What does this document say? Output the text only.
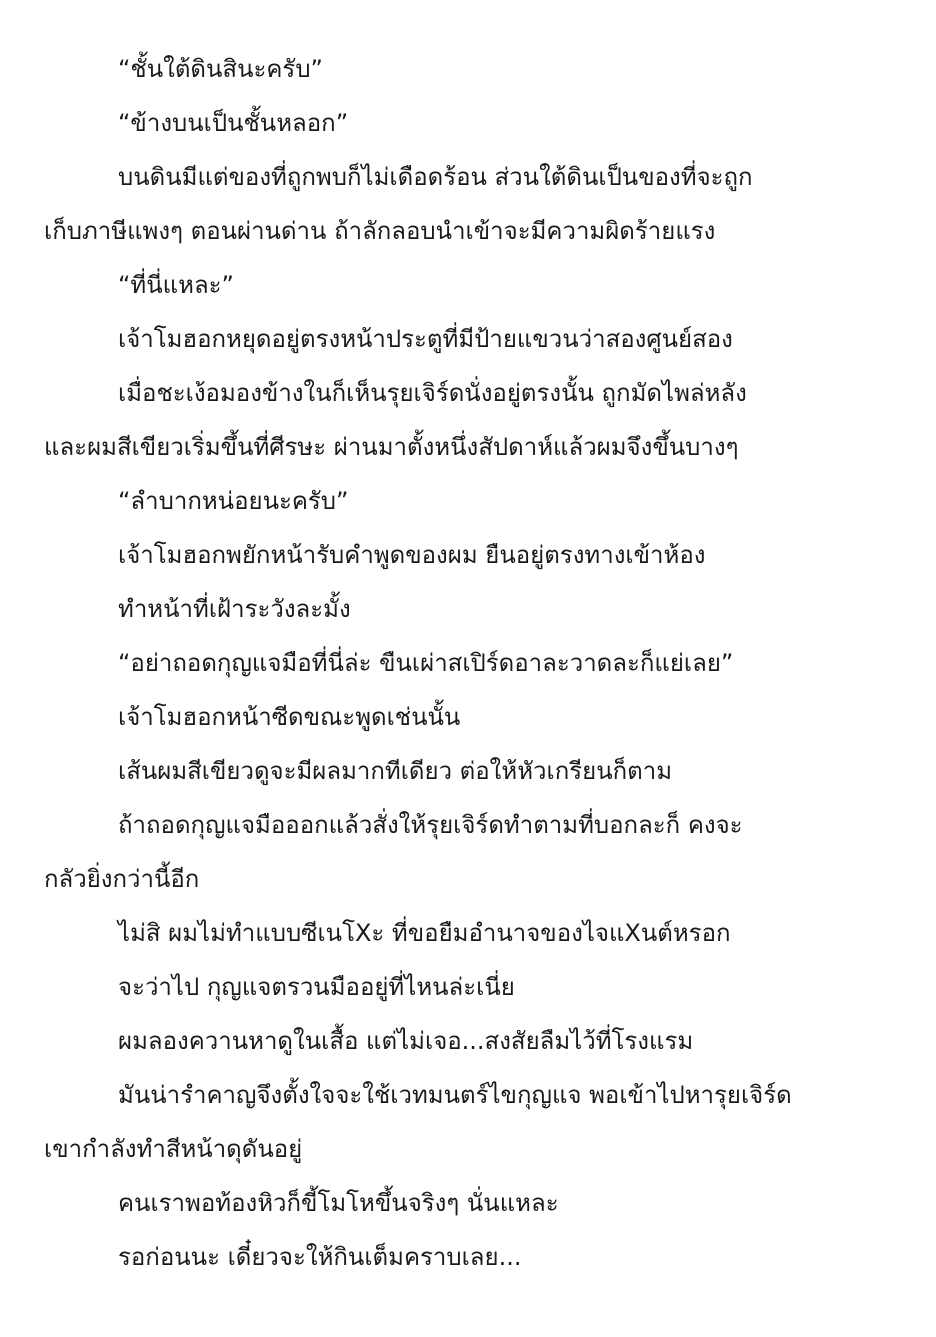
“ชั้นใต้ดินสินะครับ”
“ข้างบนเป็นชั้นหลอก”
บนดินมีแต่ของที่ถูกพบก็ไม่เดือดร้อน ส่วนใต้ดินเป็นของที่จะถูก
เก็บภาษีแพงๆ ตอนผ่านด่าน ถ้าลักลอบนำเข้าจะมีความผิดร้ายแรง
“ที่นี่แหละ”
เจ้าโมฮอกหยุดอยู่ตรงหน้าประตูที่มีป้ายแขวนว่าสองศูนย์สอง
เมื่อชะเง้อมองข้างในก็เห็นรุยเจิร์ดนั่งอยู่ตรงนั้น ถูกมัดไพล่หลัง
และผมสีเขียวเริ่มขึ้นที่ศีรษะ ผ่านมาตั้งหนึ่งสัปดาห์แล้วผมจึงขึ้นบางๆ
“ลำบากหน่อยนะครับ”
เจ้าโมฮอกพยักหน้ารับคำพูดของผม ยืนอยู่ตรงทางเข้าห้อง
ทำหน้าที่เฝ้าระวังละมั้ง
“อย่าถอดกุญแจมือที่นี่ล่ะ ขืนเผ่าสเปิร์ดอาละวาดละก็แย่เลย”
เจ้าโมฮอกหน้าซีดขณะพูดเช่นนั้น
เส้นผมสีเขียวดูจะมีผลมากทีเดียว ต่อให้หัวเกรียนก็ตาม
ถ้าถอดกุญแจมือออกแล้วสั่งให้รุยเจิร์ดทำตามที่บอกละก็ คงจะ
กลัวยิ่งกว่านี้อีก
ไม่สิ ผมไม่ทำแบบซีเนโXะ ที่ขอยืมอำนาจของไจแXนต์หรอก
จะว่าไป กุญแจตรวนมืออยู่ที่ไหนล่ะเนี่ย
ผมลองควานหาดูในเสื้อ แต่ไม่เจอ...สงสัยลืมไว้ที่โรงแรม
มันน่ารำคาญจึงตั้งใจจะใช้เวทมนตร์ไขกุญแจ พอเข้าไปหารุยเจิร์ด
เขากำลังทำสีหน้าดุดันอยู่
คนเราพอท้องหิวก็ขี้โมโหขึ้นจริงๆ นั่นแหละ
รอก่อนนะ เดี๋ยวจะให้กินเต็มคราบเลย...
